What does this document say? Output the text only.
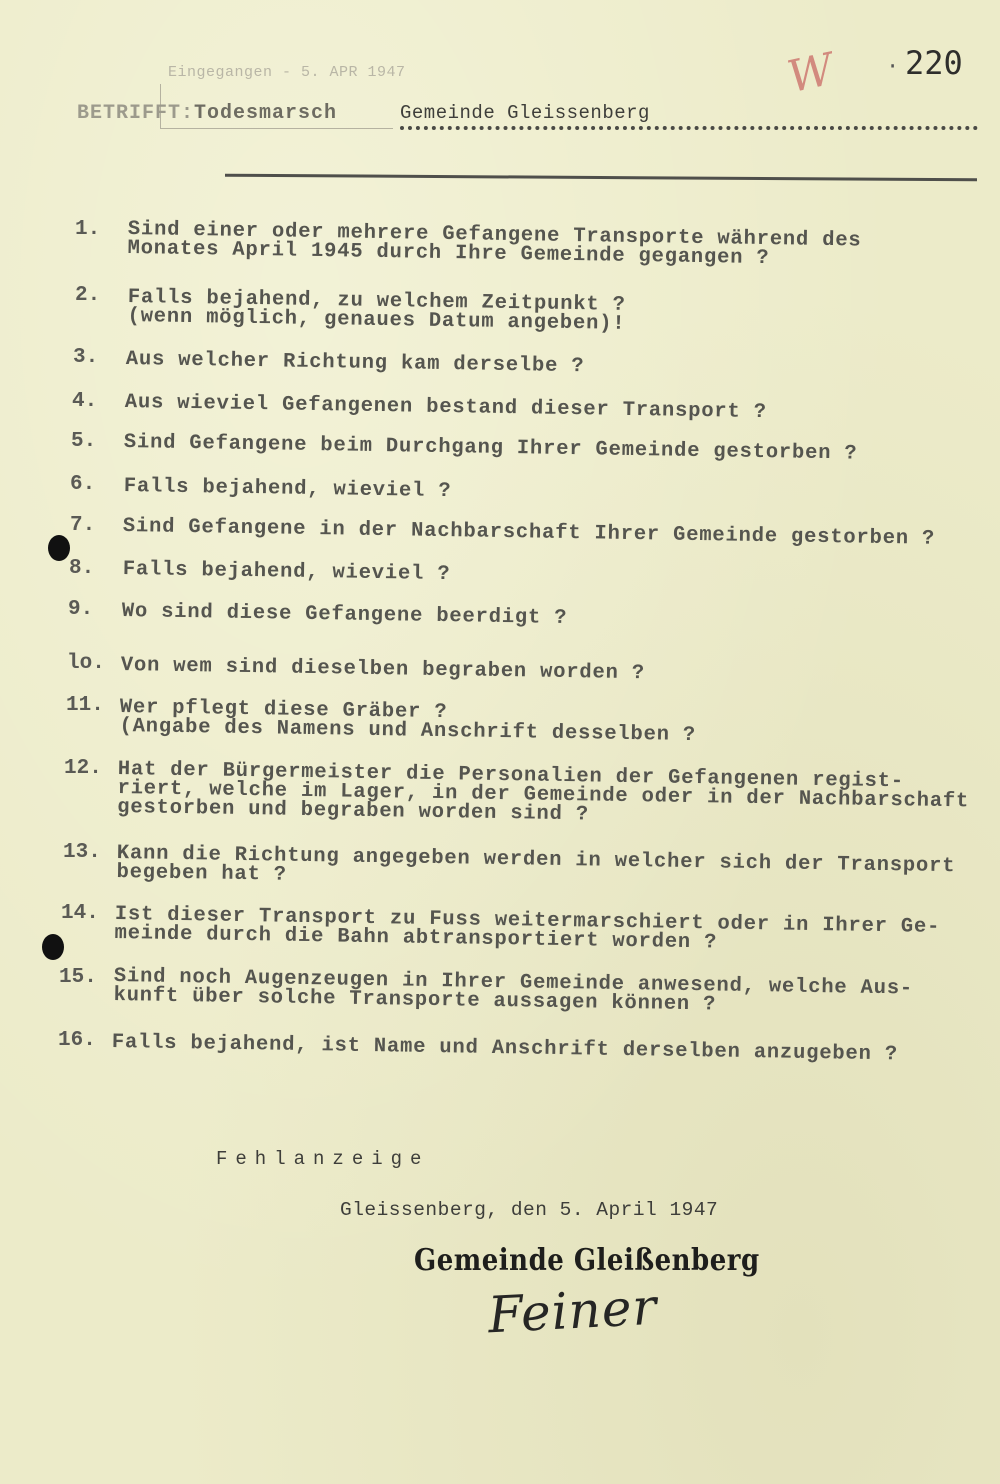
· 220
W
Eingegangen - 5. APR 1947
BETRIFFT:Todesmarsch	Gemeinde Gleissenberg
1. Sind einer oder mehrere Gefangene Transporte während des
Monates April 1945 durch Ihre Gemeinde gegangen ?
2. Falls bejahend, zu welchem Zeitpunkt ?
(wenn möglich, genaues Datum angeben)!
3. Aus welcher Richtung kam derselbe ?
4. Aus wieviel Gefangenen bestand dieser Transport ?
5. Sind Gefangene beim Durchgang Ihrer Gemeinde gestorben ?
6. Falls bejahend, wieviel ?
7. Sind Gefangene in der Nachbarschaft Ihrer Gemeinde gestorben ?
8. Falls bejahend, wieviel ?
9. Wo sind diese Gefangene beerdigt ?
lo. Von wem sind dieselben begraben worden ?
11. Wer pflegt diese Gräber ?
(Angabe des Namens und Anschrift desselben ?
12. Hat der Bürgermeister die Personalien der Gefangenen regist-
riert, welche im Lager, in der Gemeinde oder in der Nachbarschaft
gestorben und begraben worden sind ?
13. Kann die Richtung angegeben werden in welcher sich der Transport
begeben hat ?
14. Ist dieser Transport zu Fuss weitermarschiert oder in Ihrer Ge-
meinde durch die Bahn abtransportiert worden ?
15. Sind noch Augenzeugen in Ihrer Gemeinde anwesend, welche Aus-
kunft über solche Transporte aussagen können ?
16. Falls bejahend, ist Name und Anschrift derselben anzugeben ?
Fehlanzeige
Gleissenberg, den 5. April 1947
Gemeinde Gleißenberg
Feiner
